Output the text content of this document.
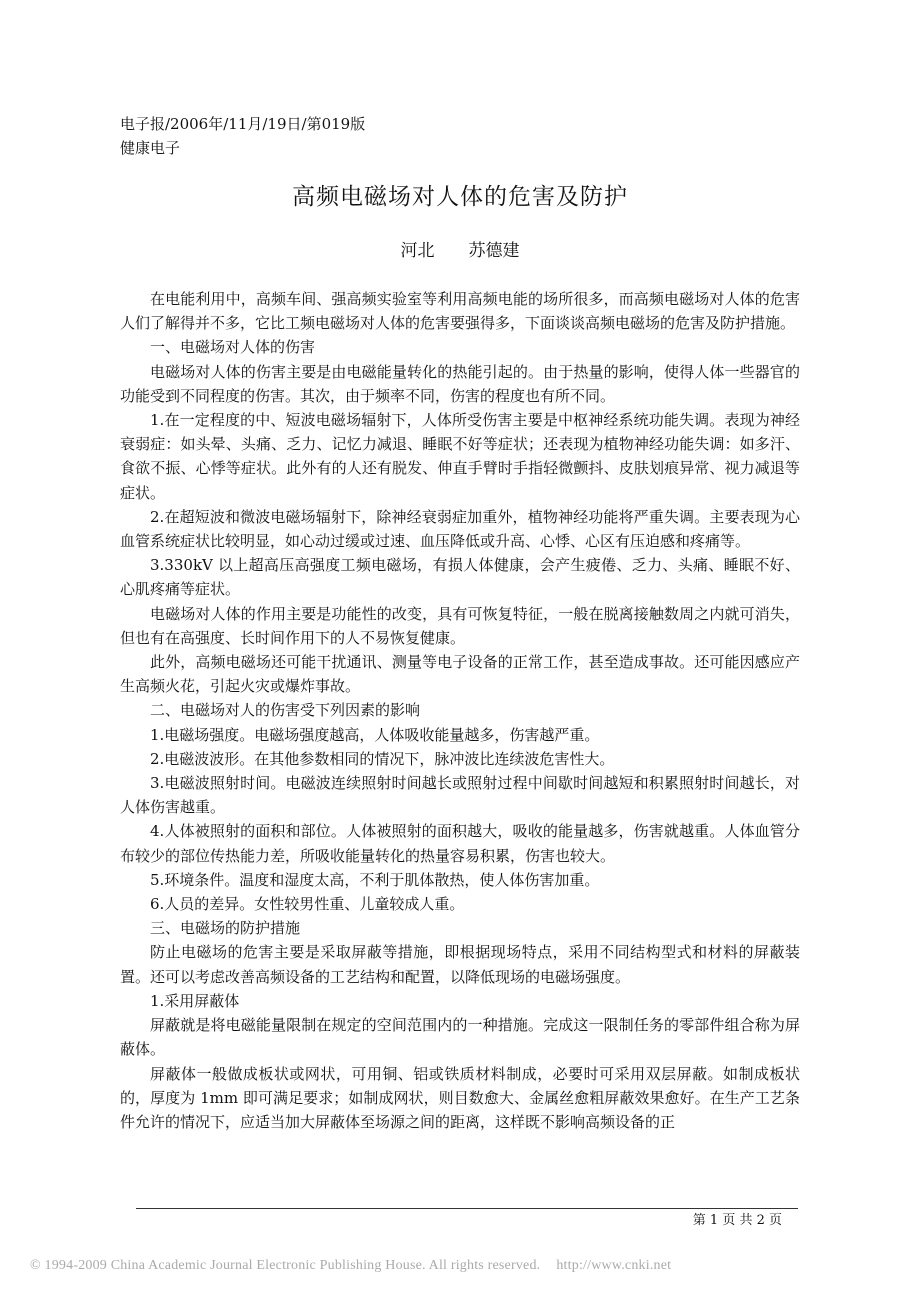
电子报/2006年/11月/19日/第019版
健康电子
高频电磁场对人体的危害及防护
河北 苏德建

在电能利用中，高频车间、强高频实验室等利用高频电能的场所很多，而高频电磁场对人体的危害人们了解得并不多，它比工频电磁场对人体的危害要强得多，下面谈谈高频电磁场的危害及防护措施。

一、电磁场对人体的伤害

电磁场对人体的伤害主要是由电磁能量转化的热能引起的。由于热量的影响，使得人体一些器官的功能受到不同程度的伤害。其次，由于频率不同，伤害的程度也有所不同。

1.在一定程度的中、短波电磁场辐射下，人体所受伤害主要是中枢神经系统功能失调。表现为神经衰弱症：如头晕、头痛、乏力、记忆力减退、睡眠不好等症状；还表现为植物神经功能失调：如多汗、食欲不振、心悸等症状。此外有的人还有脱发、伸直手臂时手指轻微颤抖、皮肤划痕异常、视力减退等症状。

2.在超短波和微波电磁场辐射下，除神经衰弱症加重外，植物神经功能将严重失调。主要表现为心血管系统症状比较明显，如心动过缓或过速、血压降低或升高、心悸、心区有压迫感和疼痛等。

3.330kV 以上超高压高强度工频电磁场，有损人体健康，会产生疲倦、乏力、头痛、睡眠不好、心肌疼痛等症状。

电磁场对人体的作用主要是功能性的改变，具有可恢复特征，一般在脱离接触数周之内就可消失，但也有在高强度、长时间作用下的人不易恢复健康。

此外，高频电磁场还可能干扰通讯、测量等电子设备的正常工作，甚至造成事故。还可能因感应产生高频火花，引起火灾或爆炸事故。

二、电磁场对人的伤害受下列因素的影响

1.电磁场强度。电磁场强度越高，人体吸收能量越多，伤害越严重。

2.电磁波波形。在其他参数相同的情况下，脉冲波比连续波危害性大。

3.电磁波照射时间。电磁波连续照射时间越长或照射过程中间歇时间越短和积累照射时间越长，对人体伤害越重。

4.人体被照射的面积和部位。人体被照射的面积越大，吸收的能量越多，伤害就越重。人体血管分布较少的部位传热能力差，所吸收能量转化的热量容易积累，伤害也较大。

5.环境条件。温度和湿度太高，不利于肌体散热，使人体伤害加重。

6.人员的差异。女性较男性重、儿童较成人重。

三、电磁场的防护措施

防止电磁场的危害主要是采取屏蔽等措施，即根据现场特点，采用不同结构型式和材料的屏蔽装置。还可以考虑改善高频设备的工艺结构和配置，以降低现场的电磁场强度。

1.采用屏蔽体

屏蔽就是将电磁能量限制在规定的空间范围内的一种措施。完成这一限制任务的零部件组合称为屏蔽体。

屏蔽体一般做成板状或网状，可用铜、铝或铁质材料制成，必要时可采用双层屏蔽。如制成板状的，厚度为 1mm 即可满足要求；如制成网状，则目数愈大、金属丝愈粗屏蔽效果愈好。在生产工艺条件允许的情况下，应适当加大屏蔽体至场源之间的距离，这样既不影响高频设备的正

第 1 页 共 2 页
© 1994-2009 China Academic Journal Electronic Publishing House. All rights reserved. http://www.cnki.net
